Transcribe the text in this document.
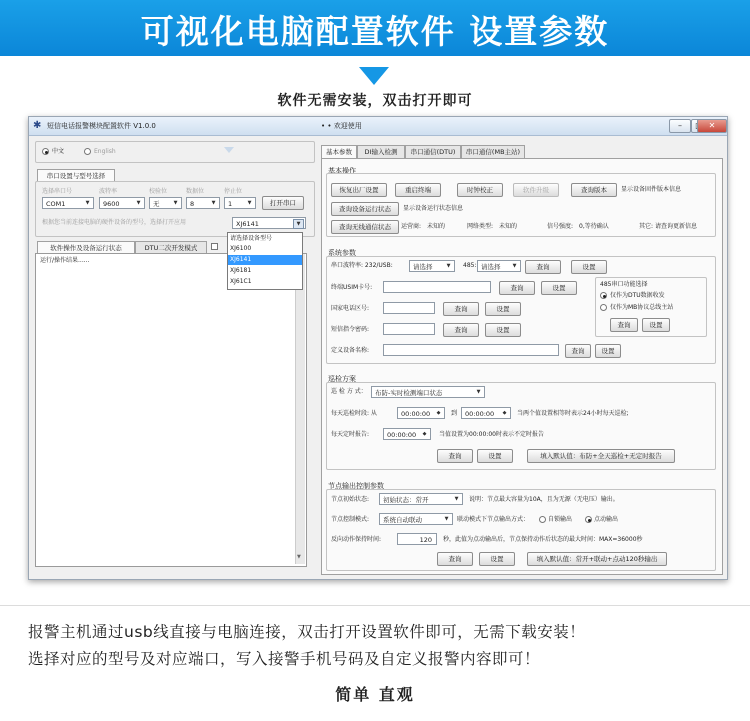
可视化电脑配置软件 设置参数
软件无需安装，双击打开即可
✱ 短信电话报警模块配置软件 V1.0.0	• • 欢迎使用	–	✕
中文	English
串口设置与型号选择
选择串口号	波特率	校验位	数据位	停止位
COM1	▼	9600	▼	无	▼	8	▼	1	▼	打开串口
根据您当前连接电脑的硬件设备的型号，选择打开应用	XJ6141	▼
请选择设备型号
XJ6100
XJ6141
XJ6181
XJ61C1
软件操作及设备运行状态	DTU二次开发模式
运行/操作结果......
▼
基本参数	DI输入检测	串口通信(DTU)	串口通信(MB主站)
基本操作
恢复出厂设置	重启终端	时钟校正	软件升级	查询版本	显示设备固件版本信息
查询设备运行状态	显示设备运行状态信息
查询无线通信状态	运营商: 未知的	网络类型: 未知的	信号强度: 0,等待确认	其它: 请查询更新信息
系统参数
串口波特率: 232/USB:	请选择	▼	485: 请选择	▼	查询	设置
终端USIM卡号:	查询	设置
国家电话区号:	查询	设置
短信指令密码:	查询	设置
定义设备名称:	查询	设置
485串口功能选择
仅作为DTU数据收发
仅作为MB协议总线主站
查询	设置
巡检方案
巡 检 方 式：	布防-实时检测端口状态	▼
每天巡检时段: 从	00:00:00	◆	到	00:00:00	◆	当两个值设置相等时表示24小时每天巡检;
每天定时报告:	00:00:00	◆	当值设置为00:00:00时表示不定时报告
查询	设置	填入默认值：布防+全天巡检+无定时报告
节点输出控制参数
节点初始状态:	初始状态：常开	▼	说明：节点最大容量为10A，且为无源（无电压）输出。
节点控制模式:	系统自动联动	▼	联动模式下节点输出方式：	自锁输出	点动输出
反向动作保持时间:	120	秒，此值为点动输出后，节点保持动作后状态的最大时间：MAX=36000秒
查询	设置	填入默认值：常开+联动+点动120秒输出
报警主机通过usb线直接与电脑连接，双击打开设置软件即可，无需下载安装！
选择对应的型号及对应端口，写入接警手机号码及自定义报警内容即可！
简单 直观
